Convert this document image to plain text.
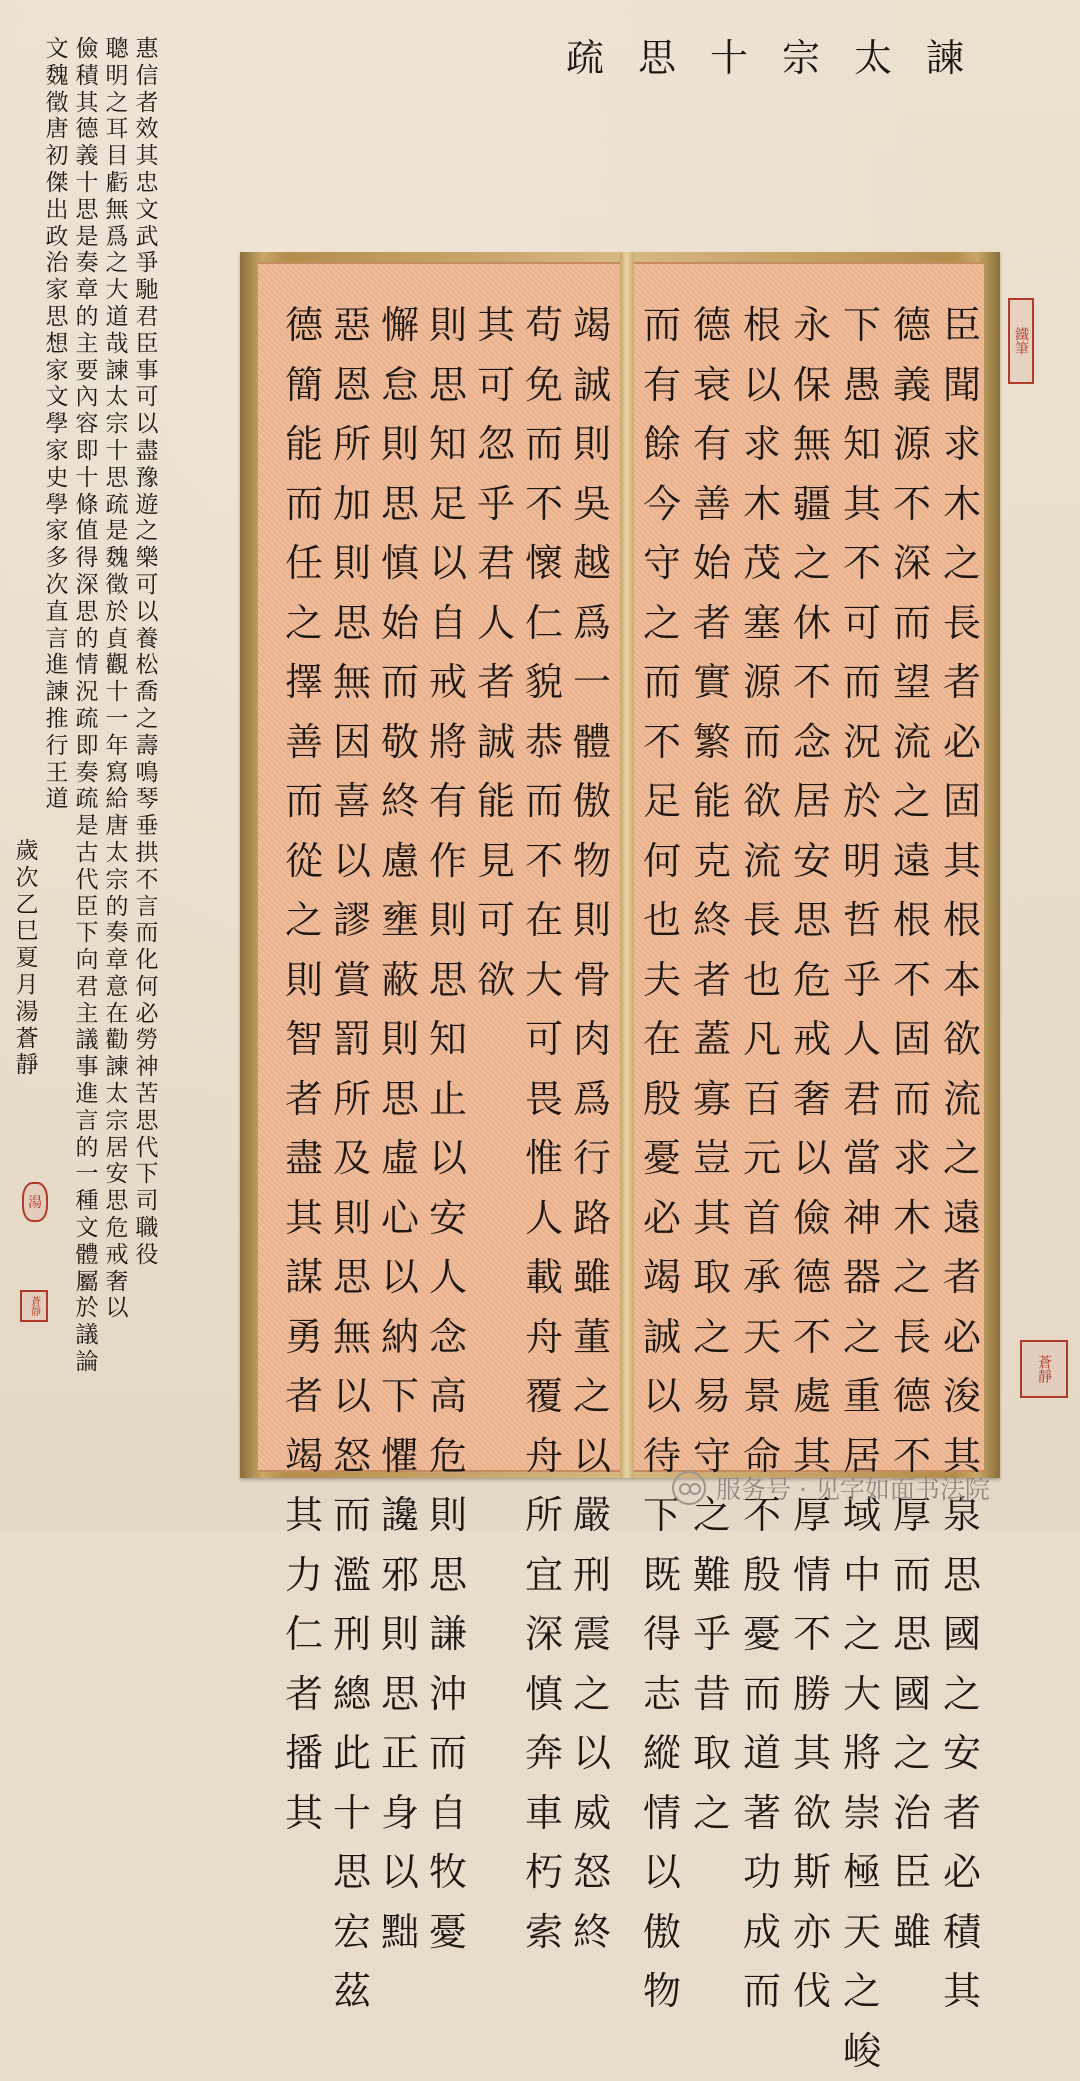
諫
太
宗
十
思
疏
惠
信
者
效
其
忠
文
武
爭
馳
君
臣
事
可
以
盡
豫
遊
之
樂
可
以
養
松
喬
之
壽
鳴
琴
垂
拱
不
言
而
化
何
必
勞
神
苦
思
代
下
司
職
役
聰
明
之
耳
目
虧
無
爲
之
大
道
哉
諫
太
宗
十
思
疏
是
魏
徵
於
貞
觀
十
一
年
寫
給
唐
太
宗
的
奏
章
意
在
勸
諫
太
宗
居
安
思
危
戒
奢
以
儉
積
其
德
義
十
思
是
奏
章
的
主
要
內
容
即
十
條
值
得
深
思
的
情
況
疏
即
奏
疏
是
古
代
臣
下
向
君
主
議
事
進
言
的
一
種
文
體
屬
於
議
論
文
魏
徵
唐
初
傑
出
政
治
家
思
想
家
文
學
家
史
學
家
多
次
直
言
進
諫
推
行
王
道
歲
次
乙
巳
夏
月
湯
蒼
靜
臣
聞
求
木
之
長
者
必
固
其
根
本
欲
流
之
遠
者
必
浚
其
泉
思
國
之
安
者
必
積
其
德
義
源
不
深
而
望
流
之
遠
根
不
固
而
求
木
之
長
德
不
厚
而
思
國
之
治
臣
雖
下
愚
知
其
不
可
而
況
於
明
哲
乎
人
君
當
神
器
之
重
居
域
中
之
大
將
崇
極
天
之
峻
永
保
無
疆
之
休
不
念
居
安
思
危
戒
奢
以
儉
德
不
處
其
厚
情
不
勝
其
欲
斯
亦
伐
根
以
求
木
茂
塞
源
而
欲
流
長
也
凡
百
元
首
承
天
景
命
不
殷
憂
而
道
著
功
成
而
德
衰
有
善
始
者
實
繁
能
克
終
者
蓋
寡
豈
其
取
之
易
守
之
難
乎
昔
取
之
而
有
餘
今
守
之
而
不
足
何
也
夫
在
殷
憂
必
竭
誠
以
待
下
既
得
志
縱
情
以
傲
物
竭
誠
則
吳
越
爲
一
體
傲
物
則
骨
肉
爲
行
路
雖
董
之
以
嚴
刑
震
之
以
威
怒
終
苟
免
而
不
懷
仁
貌
恭
而
不
在
大
可
畏
惟
人
載
舟
覆
舟
所
宜
深
慎
奔
車
朽
索
其
可
忽
乎
君
人
者
誠
能
見
可
欲
則
思
知
足
以
自
戒
將
有
作
則
思
知
止
以
安
人
念
高
危
則
思
謙
沖
而
自
牧
憂
懈
怠
則
思
慎
始
而
敬
終
慮
壅
蔽
則
思
虛
心
以
納
下
懼
讒
邪
則
思
正
身
以
黜
惡
恩
所
加
則
思
無
因
喜
以
謬
賞
罰
所
及
則
思
無
以
怒
而
濫
刑
總
此
十
思
宏
茲
德
簡
能
而
任
之
擇
善
而
從
之
則
智
者
盡
其
謀
勇
者
竭
其
力
仁
者
播
其
鐵筆
蒼靜
湯
蒼靜
服务号 · 见字如面书法院
